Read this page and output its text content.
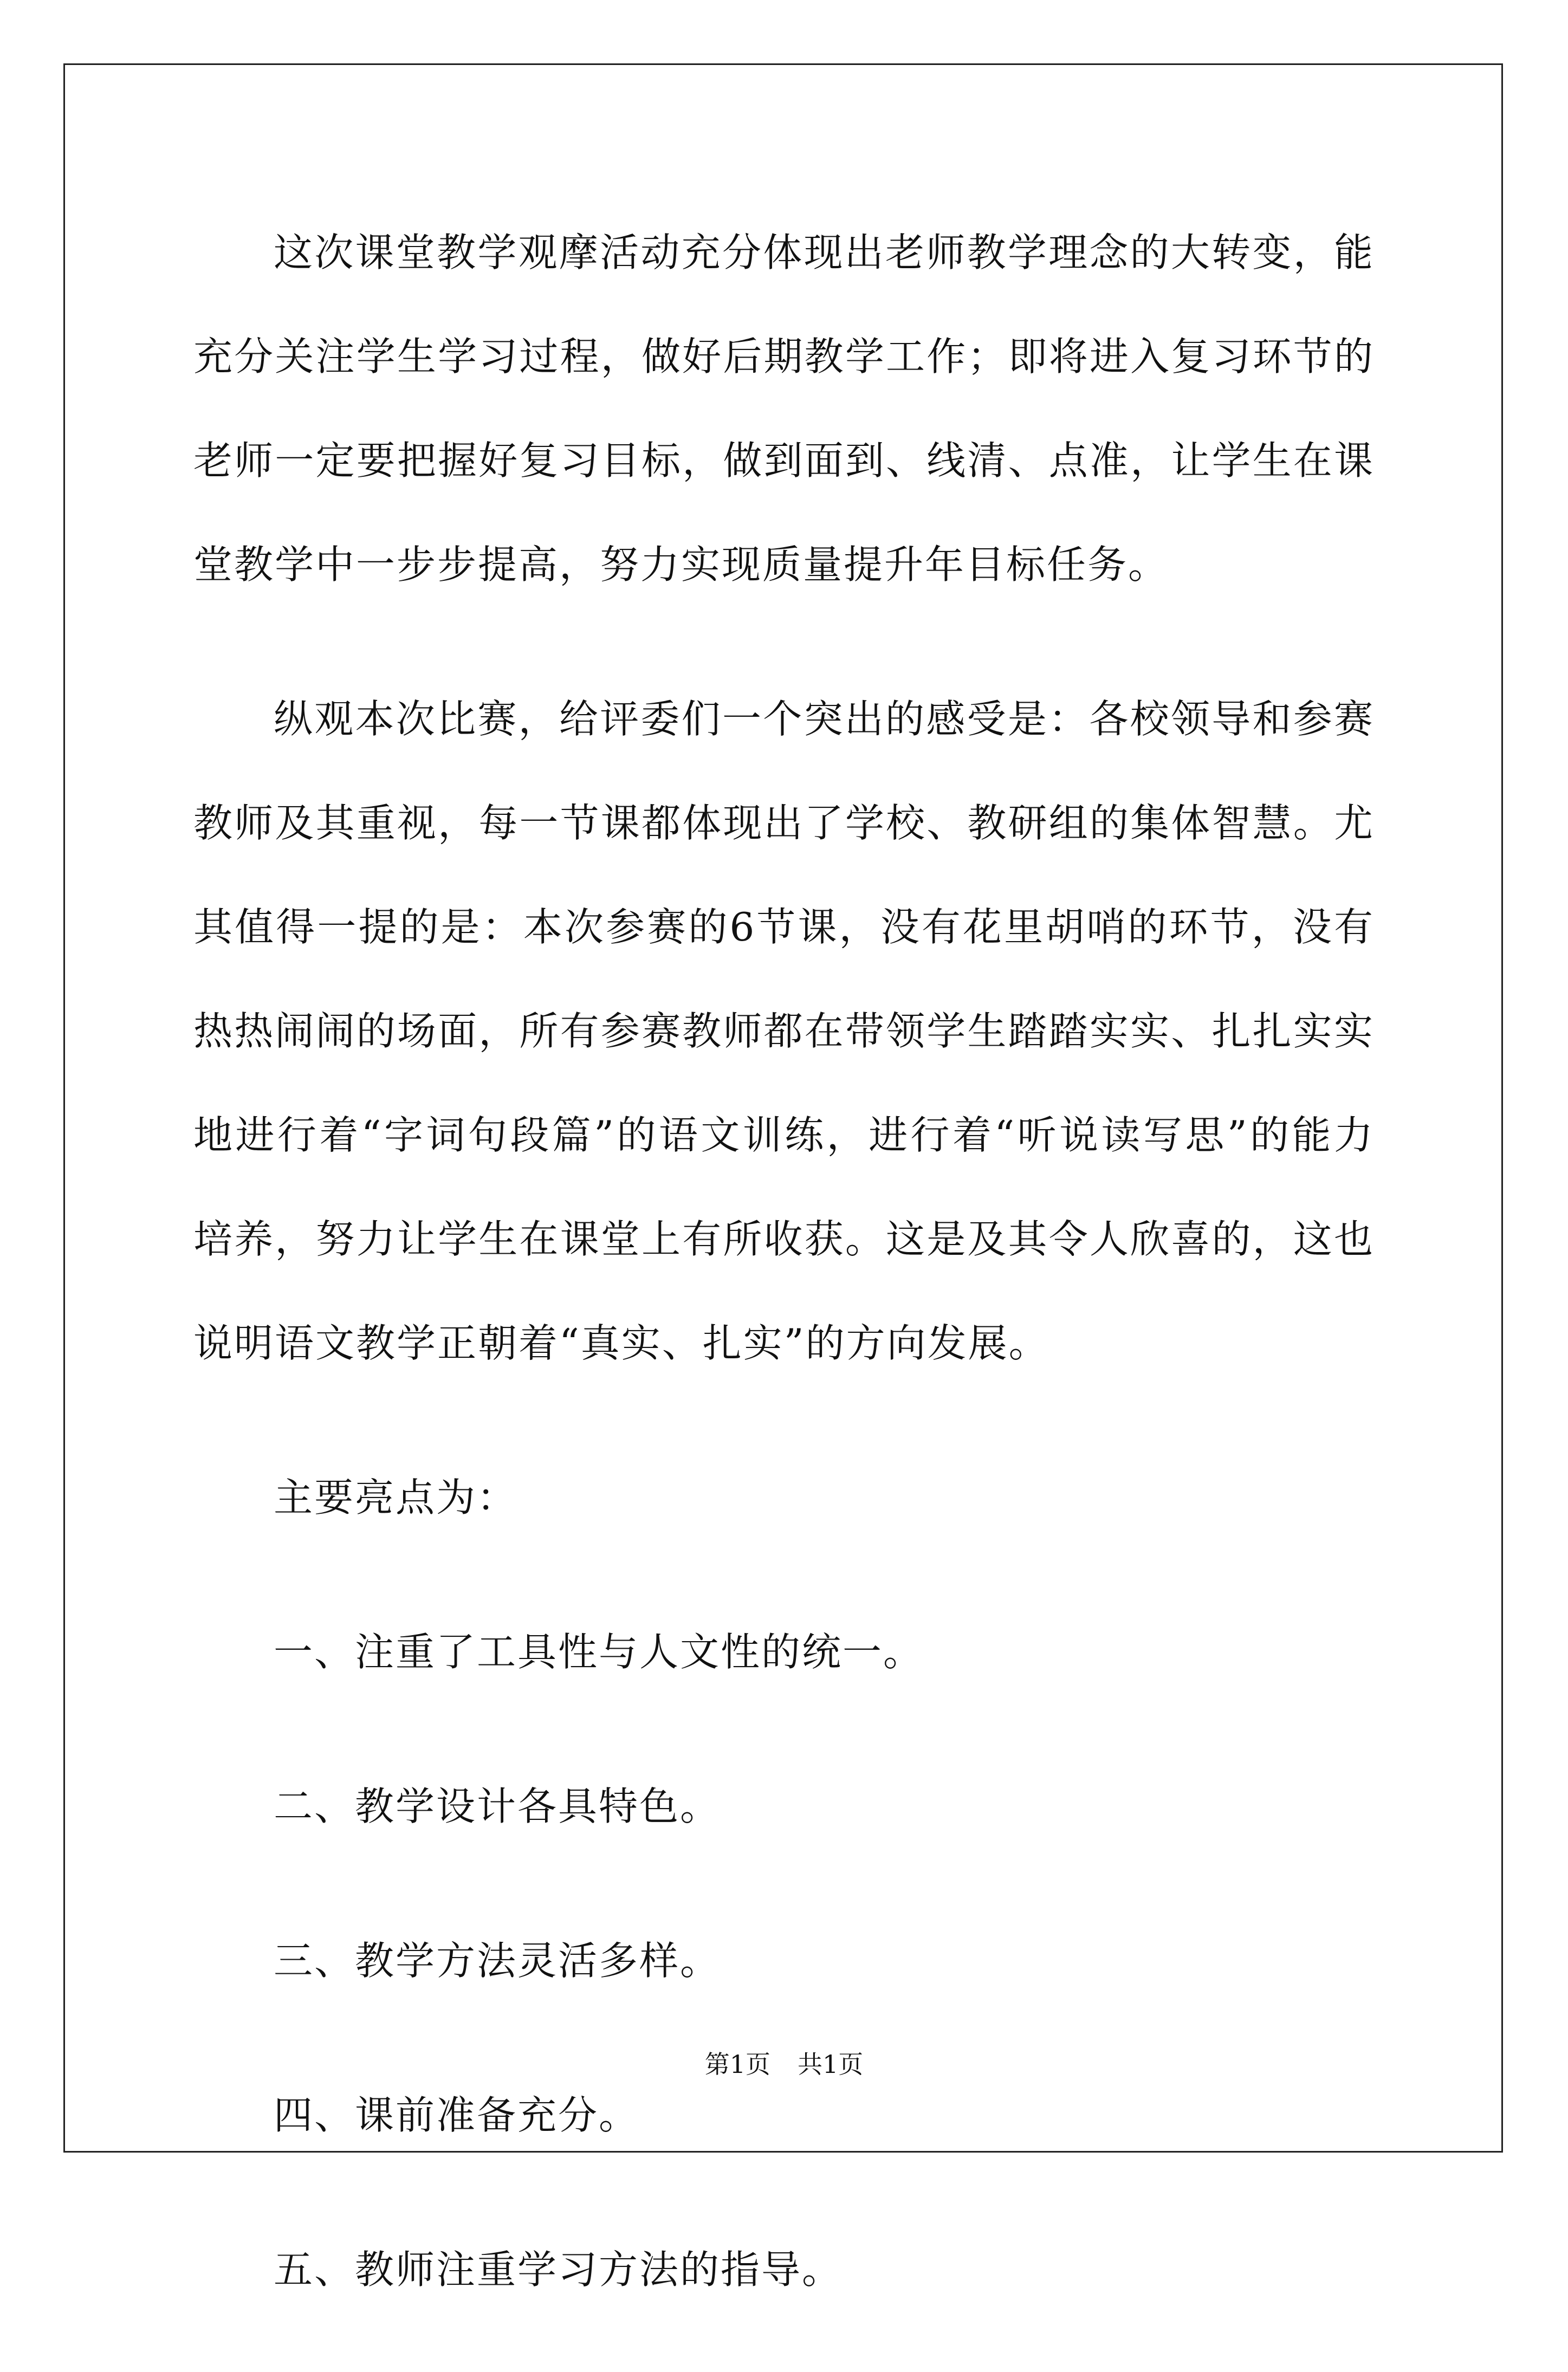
这次课堂教学观摩活动充分体现出老师教学理念的大转变，能充分关注学生学习过程，做好后期教学工作；即将进入复习环节的老师一定要把握好复习目标，做到面到、线清、点准，让学生在课堂教学中一步步提高，努力实现质量提升年目标任务。

纵观本次比赛，给评委们一个突出的感受是：各校领导和参赛教师及其重视，每一节课都体现出了学校、教研组的集体智慧。尤其值得一提的是：本次参赛的6节课，没有花里胡哨的环节，没有热热闹闹的场面，所有参赛教师都在带领学生踏踏实实、扎扎实实地进行着“字词句段篇”的语文训练，进行着“听说读写思”的能力培养，努力让学生在课堂上有所收获。这是及其令人欣喜的，这也说明语文教学正朝着“真实、扎实”的方向发展。

主要亮点为：

一、注重了工具性与人文性的统一。

二、教学设计各具特色。

三、教学方法灵活多样。

四、课前准备充分。

五、教师注重学习方法的指导。

第1页 共1页
